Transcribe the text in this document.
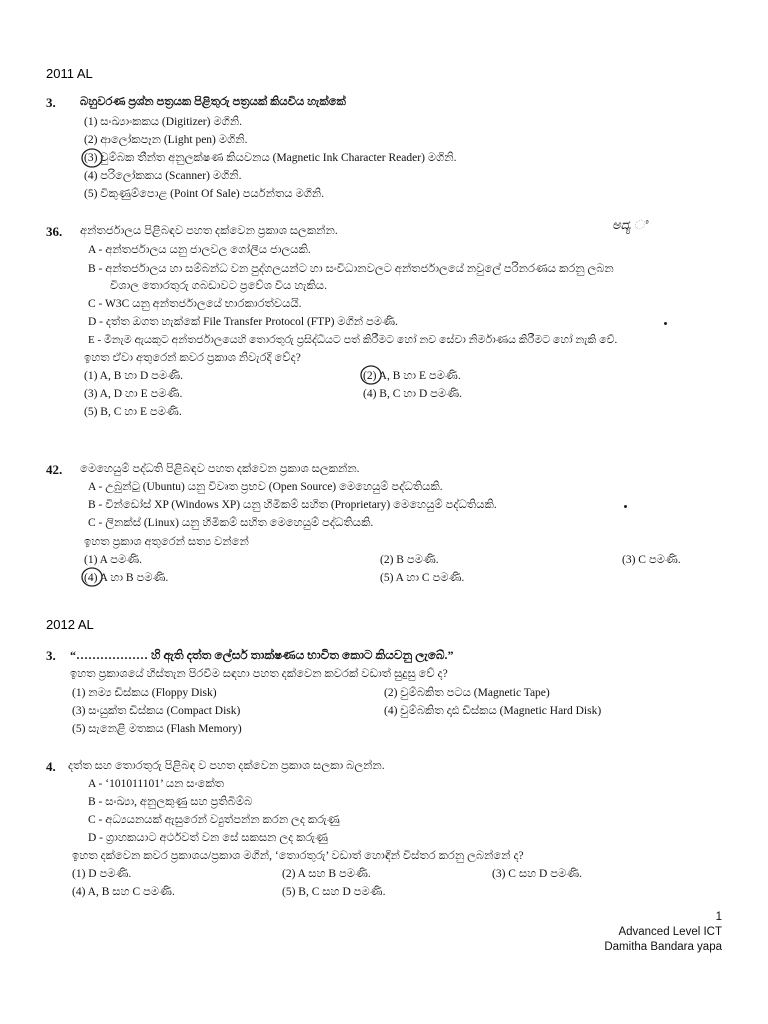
2011 AL
3. බහුවරණ ප්‍රශ්න පත්‍රයක පිළිතුරු පත්‍රයක් කියවිය හැක්කේ
(1) සංඛ්‍යාංකකය (Digitizer) මගිනි.
(2) ආලෝකපෑන (Light pen) මගිනි.
(3) චුම්බක තීන්ත අනුලක්ෂණ කියවනය (Magnetic Ink Character Reader) මගිනි.
(4) පරිලෝකකය (Scanner) මගිනි.
(5) විකුණුම්පොළ (Point Of Sale) පර්යන්තය මගිනි.
36. අන්තර්ජාලය පිළිබඳව පහත දක්වෙන ප්‍රකාශ සලකන්න.	ಅದ್ಯ ಿ
A - අන්තර්ජාලය යනු ජාලවල ගෝලීය ජාලයකි.
B - අන්තර්ජාලය හා සම්බන්ධ වන පුද්ගලයන්ට හා සංවිධානවලට අන්තර්ජාලයේ නවුලේ පරිනරණය කරනු ලබන
විශාල තොරතුරු ගබඩාවට ප්‍රවේශ විය හැකිය.
C - W3C යනු අන්තර්ජාලයේ භාරකාරත්වයයි.
D - දත්ත ඔගත හැක්කේ File Transfer Protocol (FTP) මගින් පමණි.
E - මිනැම ඇයකුට අන්තර්ජාලයෙහි තොරතුරු ප්‍රසිද්ධියට පත් කිරීමට හෝ නව සේවා නිර්මාණය කිරීමට හෝ නැකි වේ.
ඉහත ඒවා අතුරෙන් කවර ප්‍රකාශ නිවැරදි වේද?
(1) A, B හා D පමණි.	(2) A, B හා E පමණි.
(3) A, D හා E පමණි.	(4) B, C හා D පමණි.
(5) B, C හා E පමණි.
42. මෙහෙයුම් පද්ධති පිළිබඳව පහත දක්වෙන ප්‍රකාශ සලකන්න.
A - උබුන්ටු (Ubuntu) යනු විවෘත ප්‍රභව (Open Source) මෙහෙයුම් පද්ධතියකි.
B - වින්ඩෝස් XP (Windows XP) යනු හිමිකම් සහිත (Proprietary) මෙහෙයුම් පද්ධතියකි.
C - ලිනක්ස් (Linux) යනු හිමිකම් සහිත මෙහෙයුම් පද්ධතියකි.
ඉහත ප්‍රකාශ අතුරෙන් සත්‍ය වන්නේ
(1) A පමණි.	(2) B පමණි.	(3) C පමණි.
(4) A හා B පමණි.	(5) A හා C පමණි.
2012 AL
3. “……………… හි ඇති දත්ත ලේසර් තාක්ෂණය භාවිත කොට කියවනු ලැබේ.”
ඉහත ප්‍රකාශයේ හිස්තැන පිරවීම සඳහා පහත දක්වෙන කවරක් වඩාත් සුදුසු වේ ද?
(1) නම්‍ය ඩිස්කය (Floppy Disk)	(2) චුම්බකිත පටය (Magnetic Tape)
(3) සංයුක්ත ඩිස්කය (Compact Disk)	(4) චුම්බකිත දෘඪ ඩිස්කය (Magnetic Hard Disk)
(5) සැනෙළි මතකය (Flash Memory)
4. දත්ත සහ තොරතුරු පිළිබඳ ව පහත දක්වෙන ප්‍රකාශ සලකා බලන්න.
A - ‘101011101’ යන සංකේත
B - සංඛ්‍යා, අනුලකුණු සහ ප්‍රතිබිම්බ
C - අධ්‍යයනයක් ඇසුරෙන් ව්‍යුත්පන්න කරන ලද කරුණු
D - ග්‍රාහකයාට අර්ථවත් වන සේ සකසන ලද කරුණු
ඉහත දක්වෙන කවර ප්‍රකාශය/ප්‍රකාශ මගින්, ‘තොරතුරු’ වඩාත් හොඳින් විස්තර කරනු ලබන්නේ ද?
(1) D පමණි.	(2) A සහ B පමණි.	(3) C සහ D පමණි.
(4) A, B සහ C පමණි.	(5) B, C සහ D පමණි.
1
Advanced Level ICT
Damitha Bandara yapa
